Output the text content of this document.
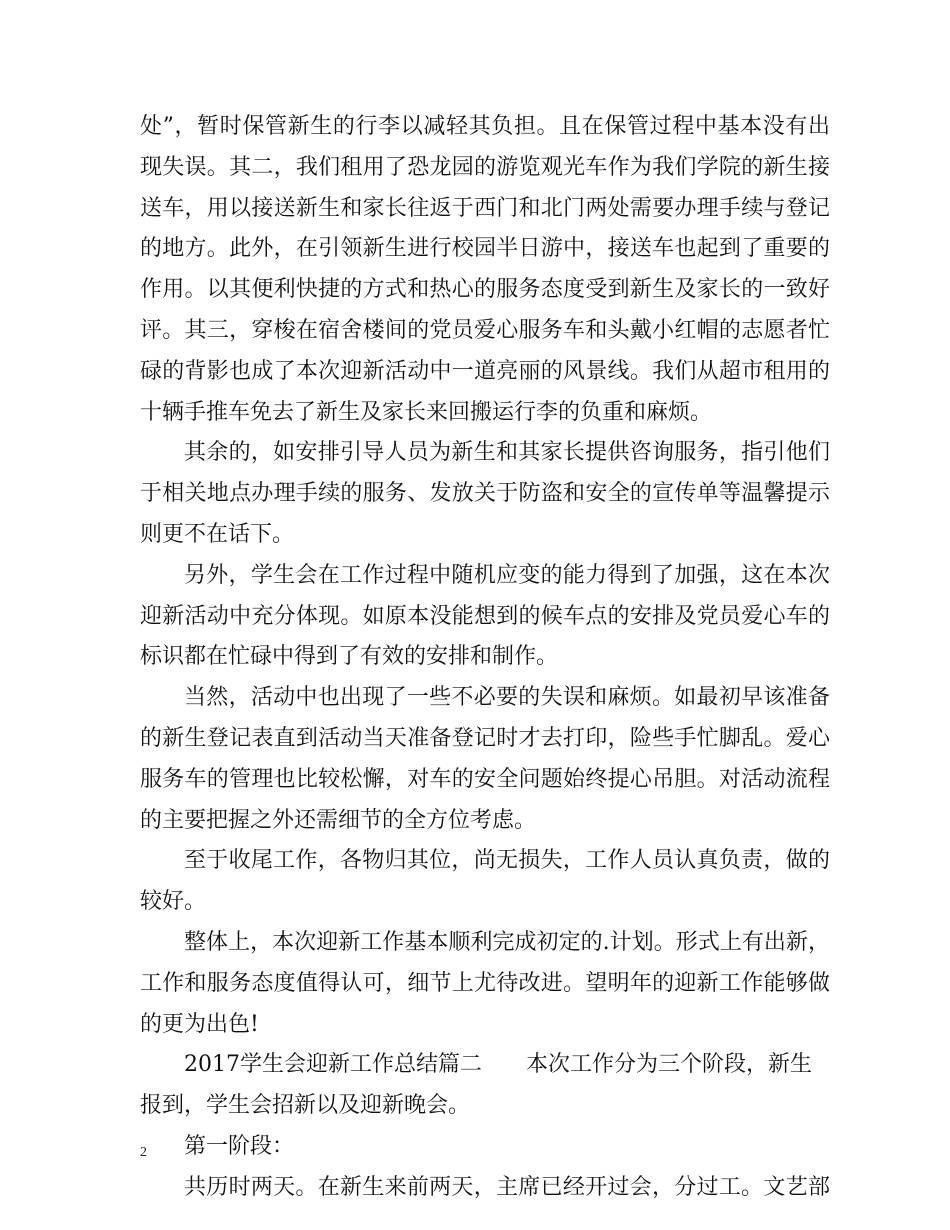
处”，暂时保管新生的行李以减轻其负担。且在保管过程中基本没有出
现失误。其二，我们租用了恐龙园的游览观光车作为我们学院的新生接
送车，用以接送新生和家长往返于西门和北门两处需要办理手续与登记
的地方。此外，在引领新生进行校园半日游中，接送车也起到了重要的
作用。以其便利快捷的方式和热心的服务态度受到新生及家长的一致好
评。其三，穿梭在宿舍楼间的党员爱心服务车和头戴小红帽的志愿者忙
碌的背影也成了本次迎新活动中一道亮丽的风景线。我们从超市租用的
十辆手推车免去了新生及家长来回搬运行李的负重和麻烦。
其余的，如安排引导人员为新生和其家长提供咨询服务，指引他们
于相关地点办理手续的服务、发放关于防盗和安全的宣传单等温馨提示
则更不在话下。
另外，学生会在工作过程中随机应变的能力得到了加强，这在本次
迎新活动中充分体现。如原本没能想到的候车点的安排及党员爱心车的
标识都在忙碌中得到了有效的安排和制作。
当然，活动中也出现了一些不必要的失误和麻烦。如最初早该准备
的新生登记表直到活动当天准备登记时才去打印，险些手忙脚乱。爱心
服务车的管理也比较松懈，对车的安全问题始终提心吊胆。对活动流程
的主要把握之外还需细节的全方位考虑。
至于收尾工作，各物归其位，尚无损失，工作人员认真负责，做的
较好。
整体上，本次迎新工作基本顺利完成初定的.计划。形式上有出新，
工作和服务态度值得认可，细节上尤待改进。望明年的迎新工作能够做
的更为出色!
2017学生会迎新工作总结篇二　　本次工作分为三个阶段，新生
报到，学生会招新以及迎新晚会。
第一阶段：
共历时两天。在新生来前两天，主席已经开过会，分过工。文艺部
2
